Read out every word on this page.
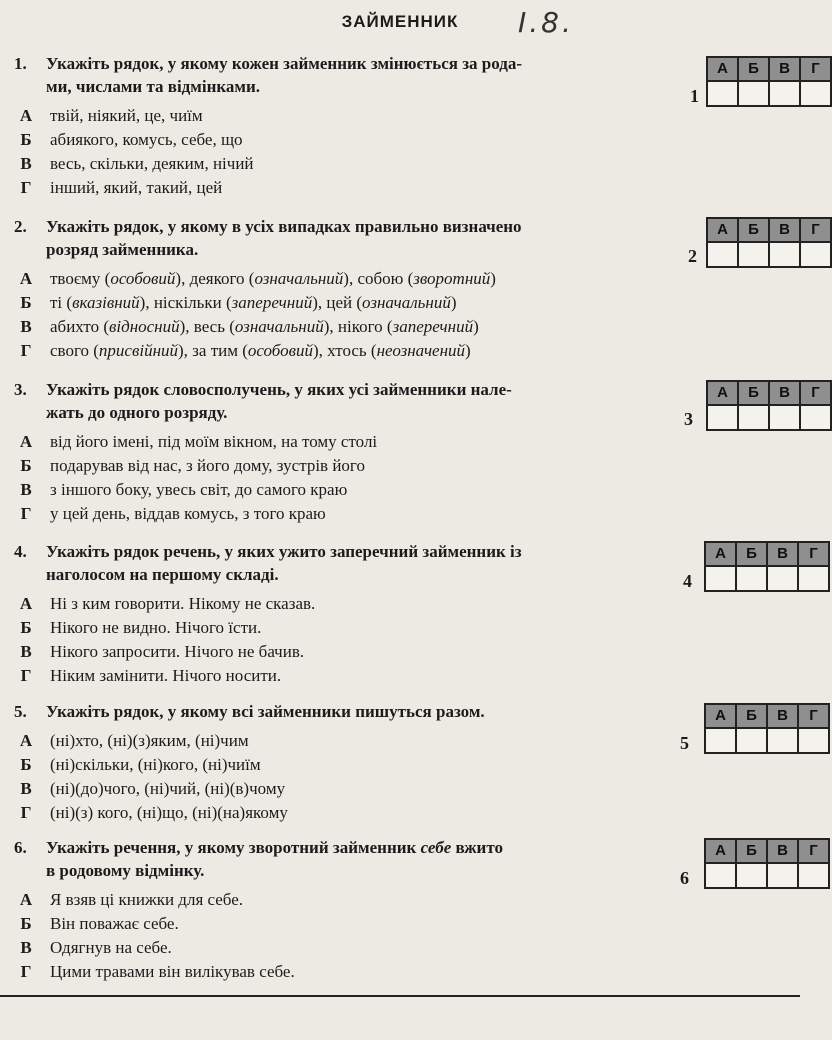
ЗАЙМЕННИК I.8.
1. Укажіть рядок, у якому кожен займенник змінюється за рода-
ми, числами та відмінками.
А	твій, ніякий, це, чиїм
Б	абиякого, комусь, себе, що
В	весь, скільки, деяким, нічий
Г	інший, який, такий, цей
2. Укажіть рядок, у якому в усіх випадках правильно визначено
розряд займенника.
А	твоєму (особовий), деякого (означальний), собою (зворотний)
Б	ті (вказівний), нiскільки (заперечний), цей (означальний)
В	абихто (відносний), весь (означальний), нікого (заперечний)
Г	свого (присвійний), за тим (особовий), хтось (неозначений)
3. Укажіть рядок словосполучень, у яких усі займенники нале-
жать до одного розряду.
А	від його імені, під моїм вікном, на тому столі
Б	подарував від нас, з його дому, зустрів його
В	з іншого боку, увесь світ, до самого краю
Г	у цей день, віддав комусь, з того краю
4. Укажіть рядок речень, у яких ужито заперечний займенник із
наголосом на першому складі.
А	Ні з ким говорити. Нікому не сказав.
Б	Нікого не видно. Нічого їсти.
В	Нікого запросити. Нічого не бачив.
Г	Ніким замінити. Нічого носити.
5. Укажіть рядок, у якому всі займенники пишуться разом.
А	(ні)хто, (ні)(з)яким, (ні)чим
Б	(ні)скільки, (ні)кого, (ні)чиїм
В	(ні)(до)чого, (ні)чий, (ні)(в)чому
Г	(ні)(з) кого, (ні)що, (ні)(на)якому
6. Укажіть речення, у якому зворотний займенник себе вжито
в родовому відмінку.
А	Я взяв ці книжки для себе.
Б	Він поважає себе.
В	Одягнув на себе.
Г	Цими травами він вилікував себе.
1
А	Б	В	Г
2
А	Б	В	Г
3
А	Б	В	Г
4
А	Б	В	Г
5
А	Б	В	Г
6
А	Б	В	Г
